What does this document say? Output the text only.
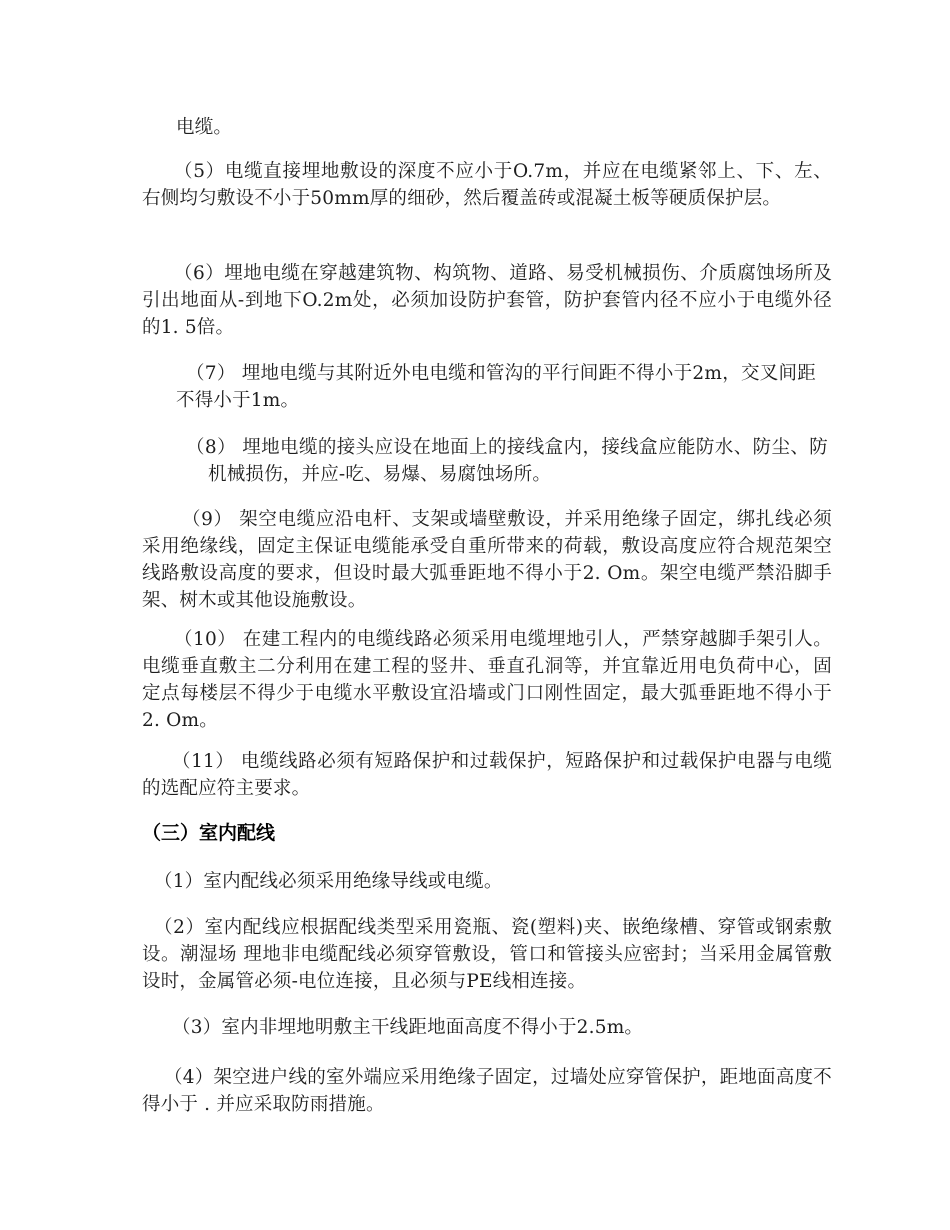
电缆。
（5）电缆直接埋地敷设的深度不应小于O.7m，并应在电缆紧邻上、下、左、右侧均匀敷设不小于50mm厚的细砂，然后覆盖砖或混凝土板等硬质保护层。
（6）埋地电缆在穿越建筑物、构筑物、道路、易受机械损伤、介质腐蚀场所及引出地面从-到地下O.2m处，必须加设防护套管，防护套管内径不应小于电缆外径的1. 5倍。
（7） 埋地电缆与其附近外电电缆和管沟的平行间距不得小于2m，交叉间距不得小于1m。
（8） 埋地电缆的接头应设在地面上的接线盒内，接线盒应能防水、防尘、防机械损伤，并应-吃、易爆、易腐蚀场所。
（9） 架空电缆应沿电杆、支架或墙壁敷设，并采用绝缘子固定，绑扎线必须采用绝缘线，固定主保证电缆能承受自重所带来的荷载，敷设高度应符合规范架空线路敷设高度的要求，但设时最大弧垂距地不得小于2. Om。架空电缆严禁沿脚手架、树木或其他设施敷设。
（10） 在建工程内的电缆线路必须采用电缆埋地引人，严禁穿越脚手架引人。电缆垂直敷主二分利用在建工程的竖井、垂直孔洞等，并宜靠近用电负荷中心，固定点每楼层不得少于电缆水平敷设宜沿墙或门口刚性固定，最大弧垂距地不得小于2. Om。
（11） 电缆线路必须有短路保护和过载保护，短路保护和过载保护电器与电缆的选配应符主要求。
（三）室内配线
（1）室内配线必须采用绝缘导线或电缆。
（2）室内配线应根据配线类型采用瓷瓶、瓷(塑料)夹、嵌绝缘槽、穿管或钢索敷设。潮湿场 理地非电缆配线必须穿管敷设，管口和管接头应密封；当采用金属管敷设时，金属管必须-电位连接，且必须与PE线相连接。
（3）室内非埋地明敷主干线距地面高度不得小于2.5m。
（4）架空进户线的室外端应采用绝缘子固定，过墙处应穿管保护，距地面高度不得小于 . 并应采取防雨措施。
